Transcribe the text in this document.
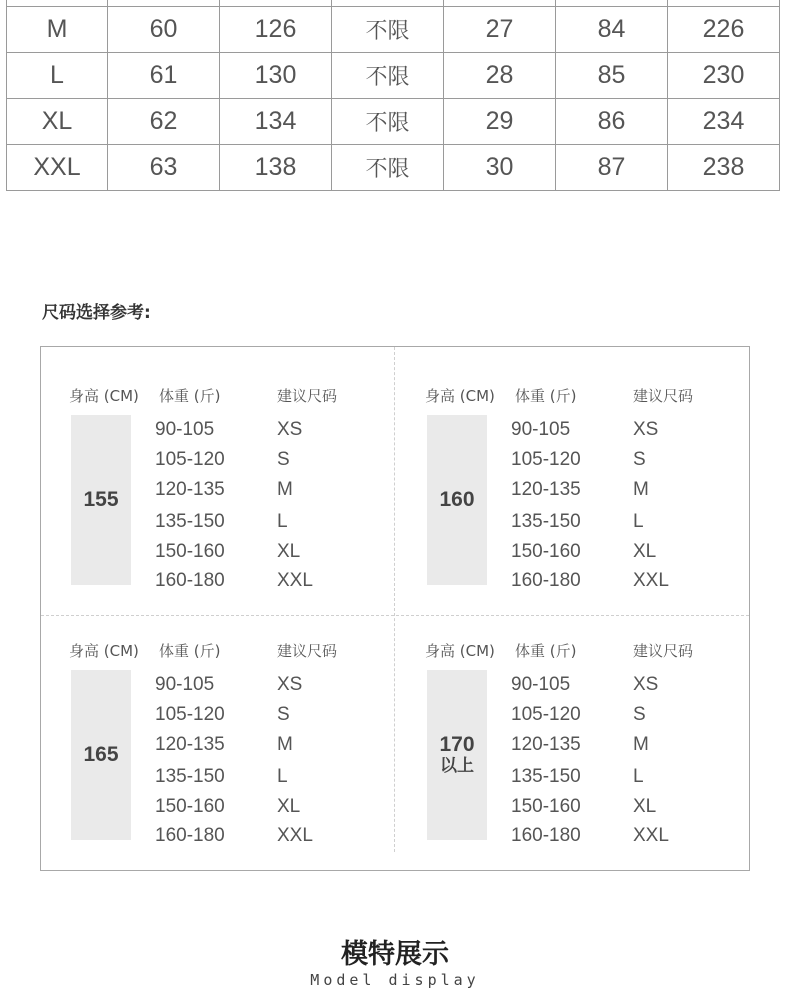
M	60	126	不限	27	84	226
L	61	130	不限	28	85	230
XL	62	134	不限	29	86	234
XXL	63	138	不限	30	87	238
尺码选择参考:
身高 (CM) 体重 (斤)	建议尺码
155
90-105	XS
105-120	S
120-135	M
135-150	L
150-160	XL
160-180	XXL
身高 (CM) 体重 (斤)	建议尺码
160
90-105	XS
105-120	S
120-135	M
135-150	L
150-160	XL
160-180	XXL
身高 (CM) 体重 (斤)	建议尺码
165
90-105	XS
105-120	S
120-135	M
135-150	L
150-160	XL
160-180	XXL
身高 (CM) 体重 (斤)	建议尺码
170
以上
90-105	XS
105-120	S
120-135	M
135-150	L
150-160	XL
160-180	XXL
模特展示
Model display
